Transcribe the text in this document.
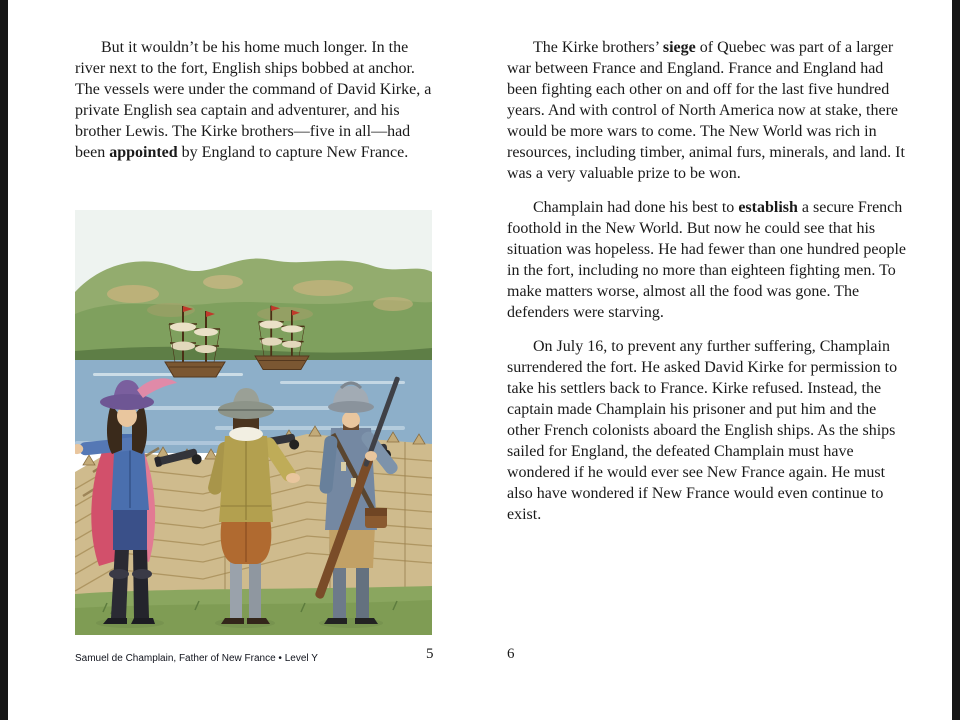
But it wouldn’t be his home much longer. In the river next to the fort, English ships bobbed at anchor. The vessels were under the command of David Kirke, a private English sea captain and adventurer, and his brother Lewis. The Kirke brothers—five in all—had been appointed by England to capture New France.

The Kirke brothers’ siege of Quebec was part of a larger war between France and England. France and England had been fighting each other on and off for the last five hundred years. And with control of North America now at stake, there would be more wars to come. The New World was rich in resources, including timber, animal furs, minerals, and land. It was a very valuable prize to be won.

Champlain had done his best to establish a secure French foothold in the New World. But now he could see that his situation was hopeless. He had fewer than one hundred people in the fort, including no more than eighteen fighting men. To make matters worse, almost all the food was gone. The defenders were starving.

On July 16, to prevent any further suffering, Champlain surrendered the fort. He asked David Kirke for permission to take his settlers back to France. Kirke refused. Instead, the captain made Champlain his prisoner and put him and the other French colonists aboard the English ships. As the ships sailed for England, the defeated Champlain must have wondered if he would ever see New France again. He must also have wondered if New France would even continue to exist.

Samuel de Champlain, Father of New France • Level Y	5	6
